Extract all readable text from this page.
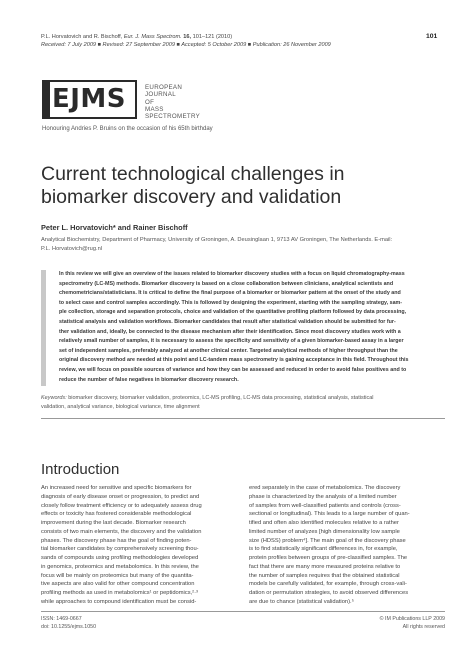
P.L. Horvatovich and R. Bischoff, Eur. J. Mass Spectrom. 16, 101–121 (2010)
Received: 7 July 2009 ■ Revised: 27 September 2009 ■ Accepted: 5 October 2009 ■ Publication: 26 November 2009
101
EJMS	EUROPEAN
JOURNAL
OF
MASS
SPECTROMETRY
Honouring Andries P. Bruins on the occasion of his 65th birthday
Current technological challenges in
biomarker discovery and validation
Peter L. Horvatovich* and Rainer Bischoff
Analytical Biochemistry, Department of Pharmacy, University of Groningen, A. Deusinglaan 1, 9713 AV Groningen, The Netherlands. E-mail:
P.L. Horvatovich@rug.nl
In this review we will give an overview of the issues related to biomarker discovery studies with a focus on liquid chromatography-mass
spectrometry (LC-MS) methods. Biomarker discovery is based on a close collaboration between clinicians, analytical scientists and
chemometricians/statisticians. It is critical to define the final purpose of a biomarker or biomarker pattern at the onset of the study and
to select case and control samples accordingly. This is followed by designing the experiment, starting with the sampling strategy, sam-
ple collection, storage and separation protocols, choice and validation of the quantitative profiling platform followed by data processing,
statistical analysis and validation workflows. Biomarker candidates that result after statistical validation should be submitted for fur-
ther validation and, ideally, be connected to the disease mechanism after their identification. Since most discovery studies work with a
relatively small number of samples, it is necessary to assess the specificity and sensitivity of a given biomarker-based assay in a larger
set of independent samples, preferably analyzed at another clinical center. Targeted analytical methods of higher throughput than the
original discovery method are needed at this point and LC-tandem mass spectrometry is gaining acceptance in this field. Throughout this
review, we will focus on possible sources of variance and how they can be assessed and reduced in order to avoid false positives and to
reduce the number of false negatives in biomarker discovery research.
Keywords: biomarker discovery, biomarker validation, proteomics, LC-MS profiling, LC-MS data processing, statistical analysis, statistical
validation, analytical variance, biological variance, time alignment
Introduction
An increased need for sensitive and specific biomarkers for
diagnosis of early disease onset or progression, to predict and
closely follow treatment efficiency or to adequately assess drug
effects or toxicity has fostered considerable methodological
improvement during the last decade. Biomarker research
consists of two main elements, the discovery and the validation
phases. The discovery phase has the goal of finding poten-
tial biomarker candidates by comprehensively screening thou-
sands of compounds using profiling methodologies developed
in genomics, proteomics and metabolomics. In this review, the
focus will be mainly on proteomics but many of the quantita-
tive aspects are also valid for other compound concentration
profiling methods as used in metabolomics¹ or peptidomics,²·³
while approaches to compound identification must be consid-
ered separately in the case of metabolomics. The discovery
phase is characterized by the analysis of a limited number
of samples from well-classified patients and controls (cross-
sectional or longitudinal). This leads to a large number of quan-
tified and often also identified molecules relative to a rather
limited number of analyzes [high dimensionality low sample
size (HDSS) problem⁴]. The main goal of the discovery phase
is to find statistically significant differences in, for example,
protein profiles between groups of pre-classified samples. The
fact that there are many more measured proteins relative to
the number of samples requires that the obtained statistical
models be carefully validated, for example, through cross-vali-
dation or permutation strategies, to avoid observed differences
are due to chance (statistical validation).⁵
ISSN: 1469-0667
doi: 10.1255/ejms.1050
© IM Publications LLP 2009
All rights reserved
